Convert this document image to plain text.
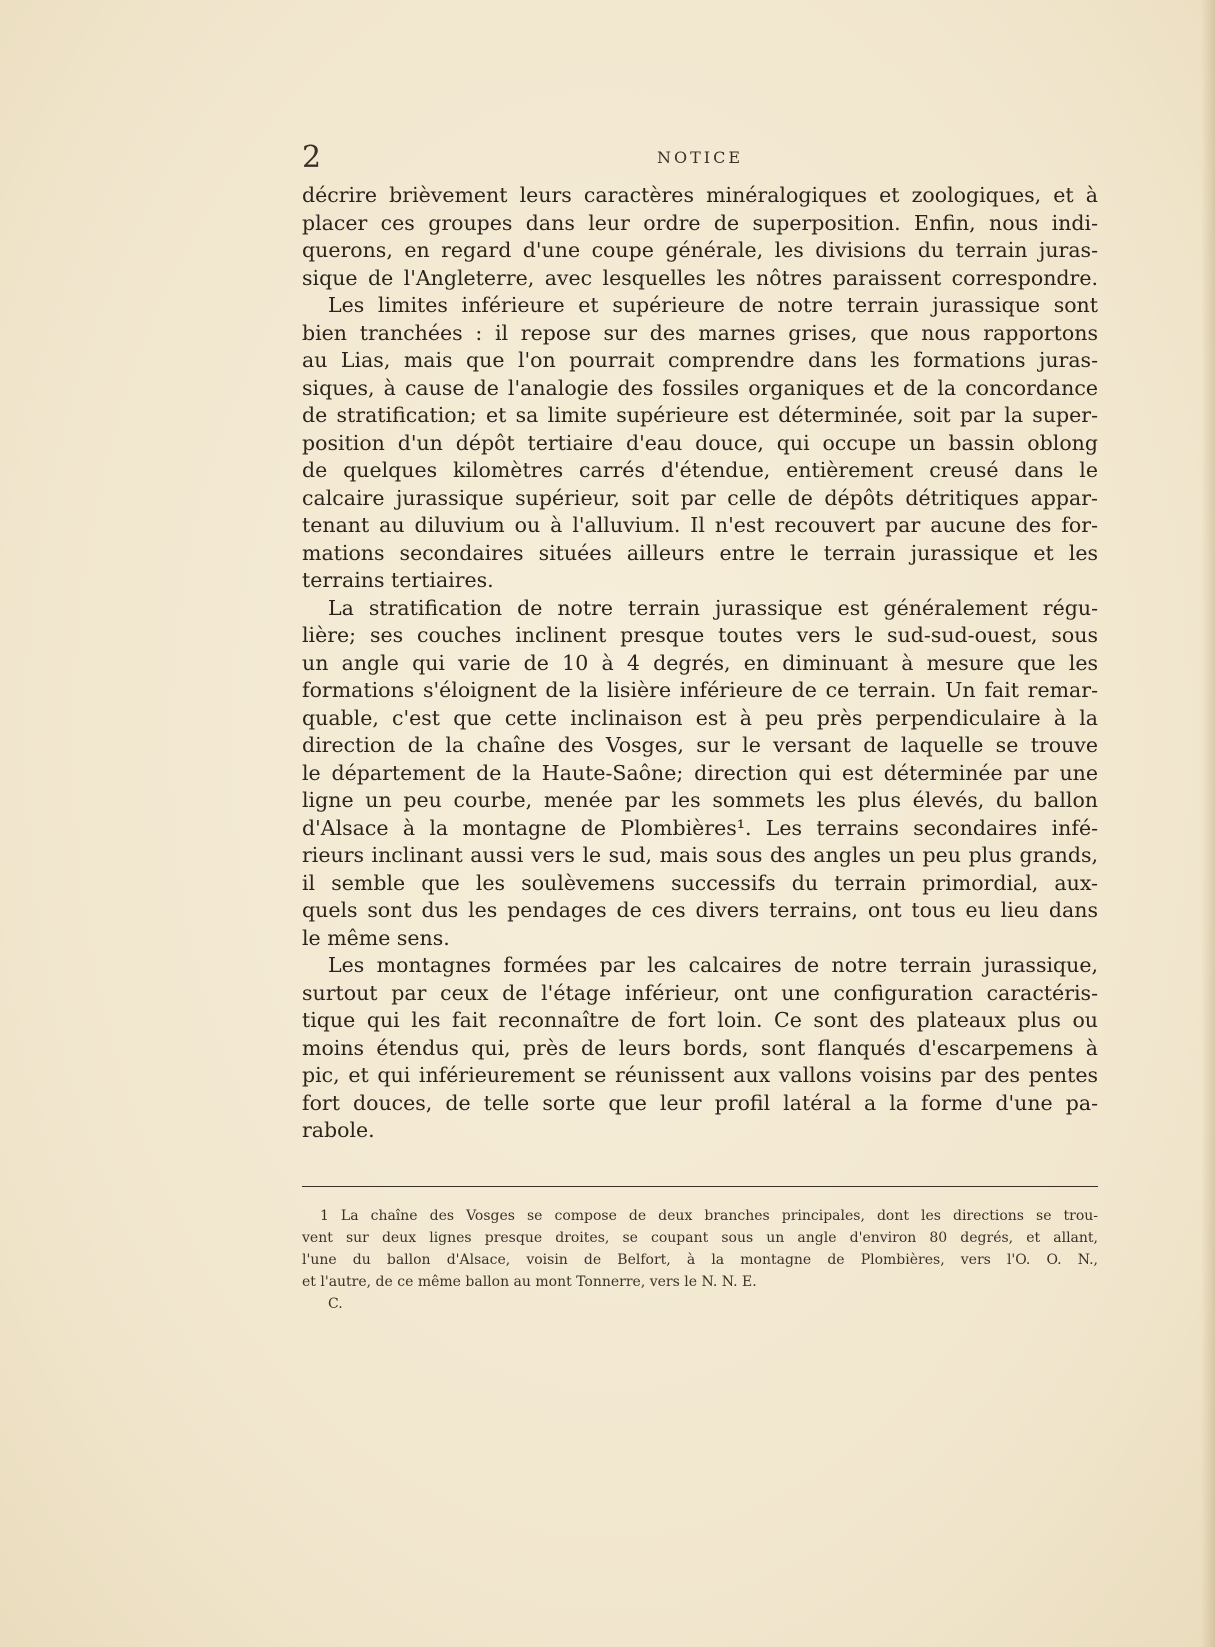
2	NOTICE
décrire brièvement leurs caractères minéralogiques et zoologiques, et à
placer ces groupes dans leur ordre de superposition. Enfin, nous indi-
querons, en regard d'une coupe générale, les divisions du terrain juras-
sique de l'Angleterre, avec lesquelles les nôtres paraissent correspondre.
Les limites inférieure et supérieure de notre terrain jurassique sont
bien tranchées : il repose sur des marnes grises, que nous rapportons
au Lias, mais que l'on pourrait comprendre dans les formations juras-
siques, à cause de l'analogie des fossiles organiques et de la concordance
de stratification; et sa limite supérieure est déterminée, soit par la super-
position d'un dépôt tertiaire d'eau douce, qui occupe un bassin oblong
de quelques kilomètres carrés d'étendue, entièrement creusé dans le
calcaire jurassique supérieur, soit par celle de dépôts détritiques appar-
tenant au diluvium ou à l'alluvium. Il n'est recouvert par aucune des for-
mations secondaires situées ailleurs entre le terrain jurassique et les
terrains tertiaires.
La stratification de notre terrain jurassique est généralement régu-
lière; ses couches inclinent presque toutes vers le sud-sud-ouest, sous
un angle qui varie de 10 à 4 degrés, en diminuant à mesure que les
formations s'éloignent de la lisière inférieure de ce terrain. Un fait remar-
quable, c'est que cette inclinaison est à peu près perpendiculaire à la
direction de la chaîne des Vosges, sur le versant de laquelle se trouve
le département de la Haute-Saône; direction qui est déterminée par une
ligne un peu courbe, menée par les sommets les plus élevés, du ballon
d'Alsace à la montagne de Plombières¹. Les terrains secondaires infé-
rieurs inclinant aussi vers le sud, mais sous des angles un peu plus grands,
il semble que les soulèvemens successifs du terrain primordial, aux-
quels sont dus les pendages de ces divers terrains, ont tous eu lieu dans
le même sens.
Les montagnes formées par les calcaires de notre terrain jurassique,
surtout par ceux de l'étage inférieur, ont une configuration caractéris-
tique qui les fait reconnaître de fort loin. Ce sont des plateaux plus ou
moins étendus qui, près de leurs bords, sont flanqués d'escarpemens à
pic, et qui inférieurement se réunissent aux vallons voisins par des pentes
fort douces, de telle sorte que leur profil latéral a la forme d'une pa-
rabole.
1 La chaîne des Vosges se compose de deux branches principales, dont les directions se trou-
vent sur deux lignes presque droites, se coupant sous un angle d'environ 80 degrés, et allant,
l'une du ballon d'Alsace, voisin de Belfort, à la montagne de Plombières, vers l'O. O. N.,
et l'autre, de ce même ballon au mont Tonnerre, vers le N. N. E.
C.
